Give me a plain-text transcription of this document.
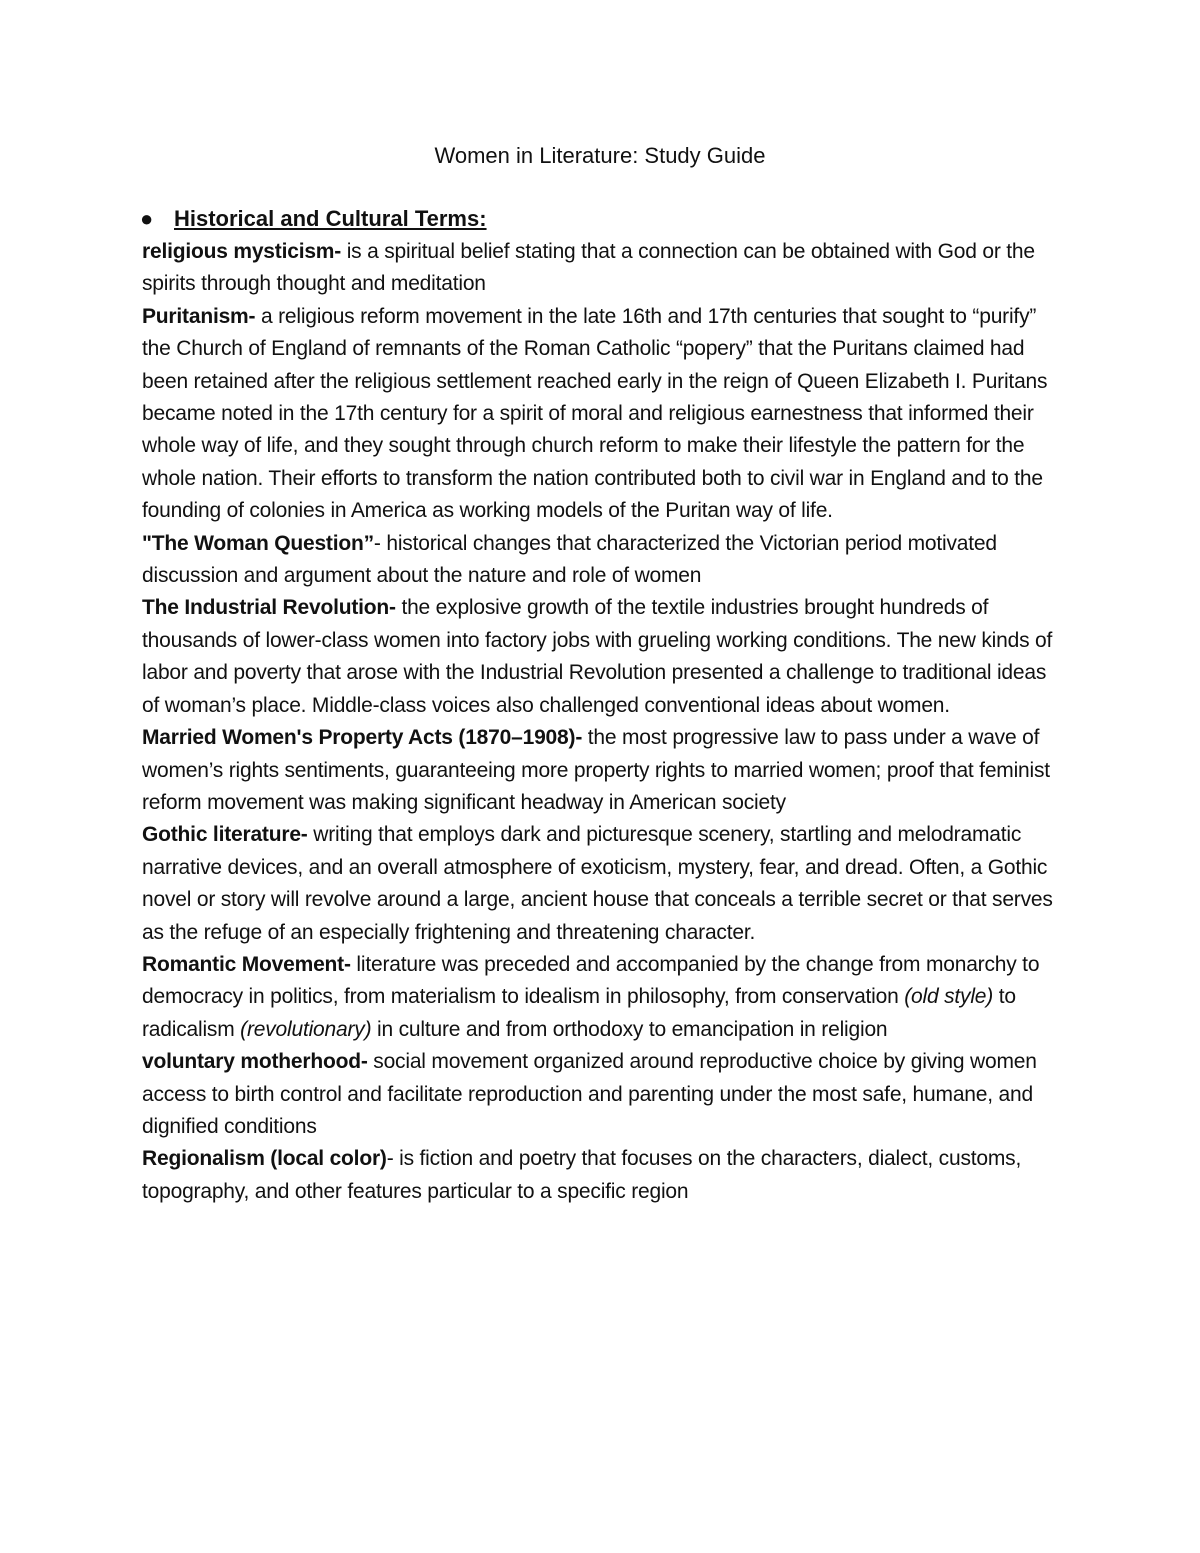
Women in Literature: Study Guide
● Historical and Cultural Terms:

religious mysticism- is a spiritual belief stating that a connection can be obtained with God or the spirits through thought and meditation

Puritanism- a religious reform movement in the late 16th and 17th centuries that sought to “purify” the Church of England of remnants of the Roman Catholic “popery” that the Puritans claimed had been retained after the religious settlement reached early in the reign of Queen Elizabeth I. Puritans became noted in the 17th century for a spirit of moral and religious earnestness that informed their whole way of life, and they sought through church reform to make their lifestyle the pattern for the whole nation. Their efforts to transform the nation contributed both to civil war in England and to the founding of colonies in America as working models of the Puritan way of life.

"The Woman Question”- historical changes that characterized the Victorian period motivated discussion and argument about the nature and role of women

The Industrial Revolution- the explosive growth of the textile industries brought hundreds of thousands of lower-class women into factory jobs with grueling working conditions. The new kinds of labor and poverty that arose with the Industrial Revolution presented a challenge to traditional ideas of woman’s place. Middle-class voices also challenged conventional ideas about women.

Married Women's Property Acts (1870–1908)- the most progressive law to pass under a wave of women’s rights sentiments, guaranteeing more property rights to married women; proof that feminist reform movement was making significant headway in American society

Gothic literature- writing that employs dark and picturesque scenery, startling and melodramatic narrative devices, and an overall atmosphere of exoticism, mystery, fear, and dread. Often, a Gothic novel or story will revolve around a large, ancient house that conceals a terrible secret or that serves as the refuge of an especially frightening and threatening character.

Romantic Movement- literature was preceded and accompanied by the change from monarchy to democracy in politics, from materialism to idealism in philosophy, from conservation (old style) to radicalism (revolutionary) in culture and from orthodoxy to emancipation in religion

voluntary motherhood- social movement organized around reproductive choice by giving women access to birth control and facilitate reproduction and parenting under the most safe, humane, and dignified conditions

Regionalism (local color)- is fiction and poetry that focuses on the characters, dialect, customs, topography, and other features particular to a specific region
